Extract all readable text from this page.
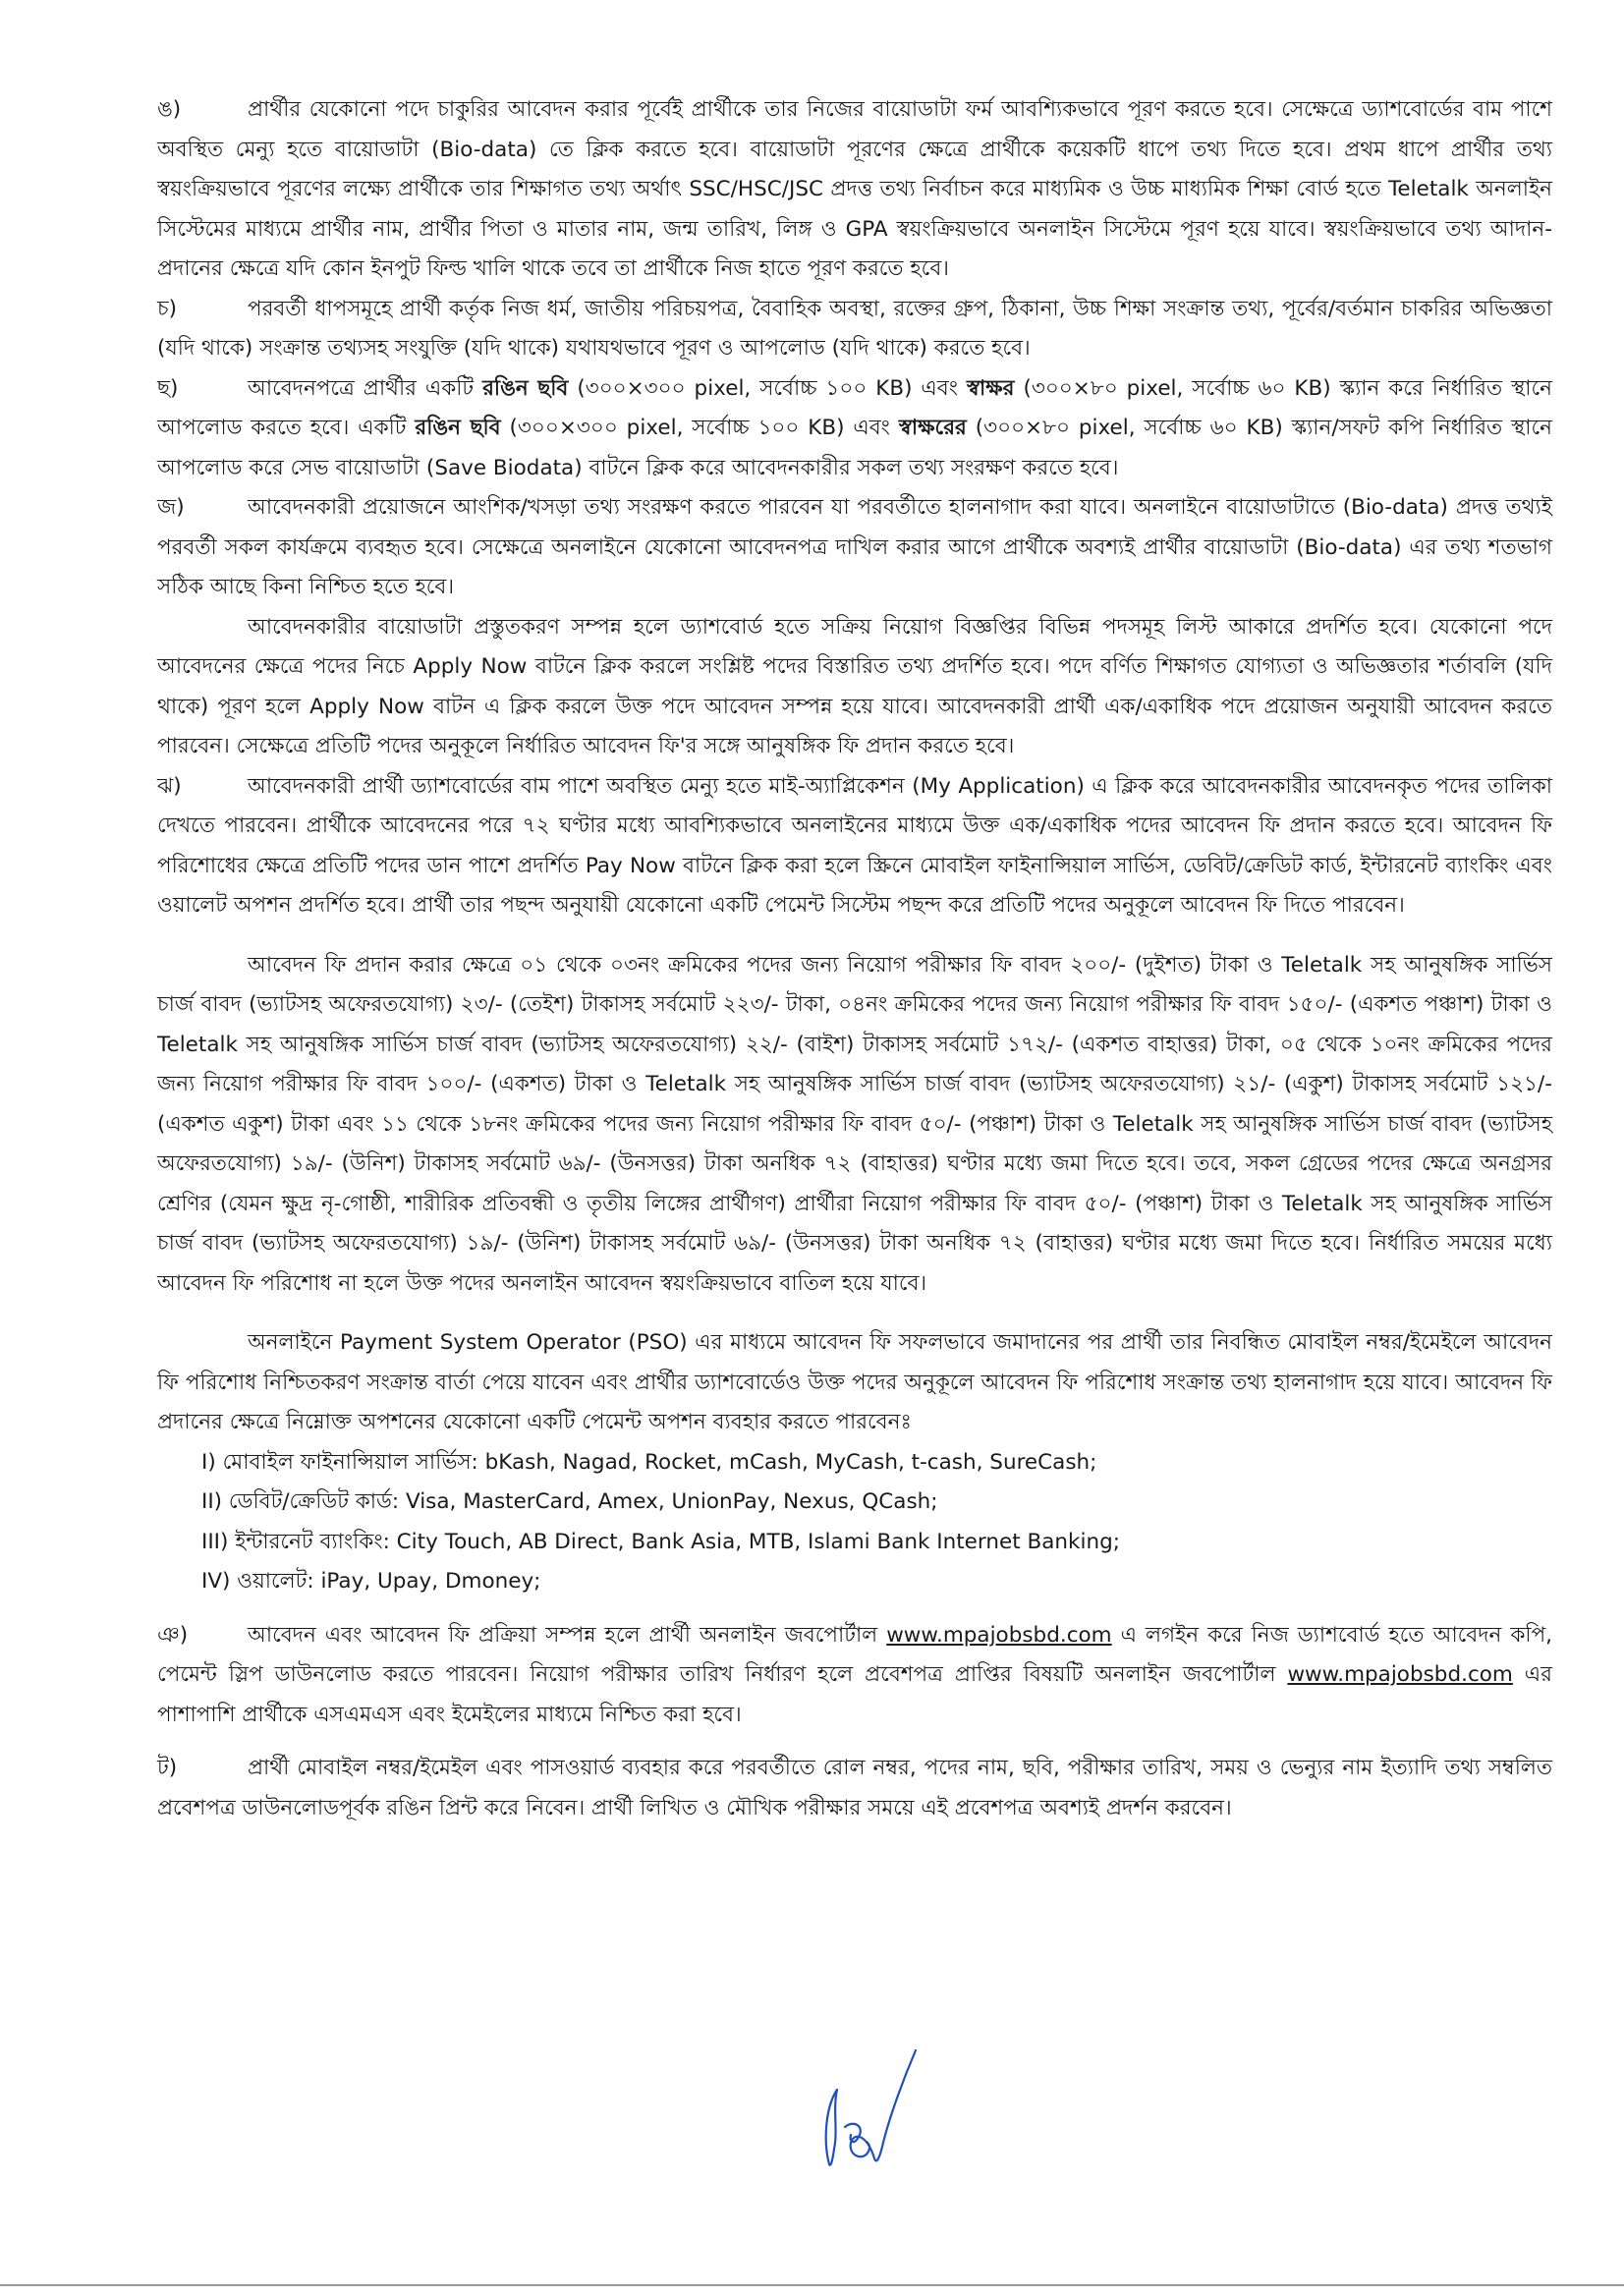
ঙ)	প্রার্থীর যেকোনো পদে চাকুরির আবেদন করার পূর্বেই প্রার্থীকে তার নিজের বায়োডাটা ফর্ম আবশ্যিকভাবে পূরণ করতে হবে। সেক্ষেত্রে ড্যাশবোর্ডের বাম পাশে অবস্থিত মেন্যু হতে বায়োডাটা (Bio-data) তে ক্লিক করতে হবে। বায়োডাটা পূরণের ক্ষেত্রে প্রার্থীকে কয়েকটি ধাপে তথ্য দিতে হবে। প্রথম ধাপে প্রার্থীর তথ্য স্বয়ংক্রিয়ভাবে পূরণের লক্ষ্যে প্রার্থীকে তার শিক্ষাগত তথ্য অর্থাৎ SSC/HSC/JSC প্রদত্ত তথ্য নির্বাচন করে মাধ্যমিক ও উচ্চ মাধ্যমিক শিক্ষা বোর্ড হতে Teletalk অনলাইন সিস্টেমের মাধ্যমে প্রার্থীর নাম, প্রার্থীর পিতা ও মাতার নাম, জন্ম তারিখ, লিঙ্গ ও GPA স্বয়ংক্রিয়ভাবে অনলাইন সিস্টেমে পূরণ হয়ে যাবে। স্বয়ংক্রিয়ভাবে তথ্য আদান-প্রদানের ক্ষেত্রে যদি কোন ইনপুট ফিল্ড খালি থাকে তবে তা প্রার্থীকে নিজ হাতে পূরণ করতে হবে।

চ)	পরবর্তী ধাপসমূহে প্রার্থী কর্তৃক নিজ ধর্ম, জাতীয় পরিচয়পত্র, বৈবাহিক অবস্থা, রক্তের গ্রুপ, ঠিকানা, উচ্চ শিক্ষা সংক্রান্ত তথ্য, পূর্বের/বর্তমান চাকরির অভিজ্ঞতা (যদি থাকে) সংক্রান্ত তথ্যসহ সংযুক্তি (যদি থাকে) যথাযথভাবে পূরণ ও আপলোড (যদি থাকে) করতে হবে।

ছ)	আবেদনপত্রে প্রার্থীর একটি রঙিন ছবি (৩০০×৩০০ pixel, সর্বোচ্চ ১০০ KB) এবং স্বাক্ষর (৩০০×৮০ pixel, সর্বোচ্চ ৬০ KB) স্ক্যান করে নির্ধারিত স্থানে আপলোড করতে হবে। একটি রঙিন ছবি (৩০০×৩০০ pixel, সর্বোচ্চ ১০০ KB) এবং স্বাক্ষরের (৩০০×৮০ pixel, সর্বোচ্চ ৬০ KB) স্ক্যান/সফট কপি নির্ধারিত স্থানে আপলোড করে সেভ বায়োডাটা (Save Biodata) বাটনে ক্লিক করে আবেদনকারীর সকল তথ্য সংরক্ষণ করতে হবে।

জ)	আবেদনকারী প্রয়োজনে আংশিক/খসড়া তথ্য সংরক্ষণ করতে পারবেন যা পরবর্তীতে হালনাগাদ করা যাবে। অনলাইনে বায়োডাটাতে (Bio-data) প্রদত্ত তথ্যই পরবর্তী সকল কার্যক্রমে ব্যবহৃত হবে। সেক্ষেত্রে অনলাইনে যেকোনো আবেদনপত্র দাখিল করার আগে প্রার্থীকে অবশ্যই প্রার্থীর বায়োডাটা (Bio-data) এর তথ্য শতভাগ সঠিক আছে কিনা নিশ্চিত হতে হবে।

আবেদনকারীর বায়োডাটা প্রস্তুতকরণ সম্পন্ন হলে ড্যাশবোর্ড হতে সক্রিয় নিয়োগ বিজ্ঞপ্তির বিভিন্ন পদসমূহ লিস্ট আকারে প্রদর্শিত হবে। যেকোনো পদে আবেদনের ক্ষেত্রে পদের নিচে Apply Now বাটনে ক্লিক করলে সংশ্লিষ্ট পদের বিস্তারিত তথ্য প্রদর্শিত হবে। পদে বর্ণিত শিক্ষাগত যোগ্যতা ও অভিজ্ঞতার শর্তাবলি (যদি থাকে) পূরণ হলে Apply Now বাটন এ ক্লিক করলে উক্ত পদে আবেদন সম্পন্ন হয়ে যাবে। আবেদনকারী প্রার্থী এক/একাধিক পদে প্রয়োজন অনুযায়ী আবেদন করতে পারবেন। সেক্ষেত্রে প্রতিটি পদের অনুকূলে নির্ধারিত আবেদন ফি'র সঙ্গে আনুষঙ্গিক ফি প্রদান করতে হবে।

ঝ)	আবেদনকারী প্রার্থী ড্যাশবোর্ডের বাম পাশে অবস্থিত মেন্যু হতে মাই-অ্যাপ্লিকেশন (My Application) এ ক্লিক করে আবেদনকারীর আবেদনকৃত পদের তালিকা দেখতে পারবেন। প্রার্থীকে আবেদনের পরে ৭২ ঘণ্টার মধ্যে আবশ্যিকভাবে অনলাইনের মাধ্যমে উক্ত এক/একাধিক পদের আবেদন ফি প্রদান করতে হবে। আবেদন ফি পরিশোধের ক্ষেত্রে প্রতিটি পদের ডান পাশে প্রদর্শিত Pay Now বাটনে ক্লিক করা হলে স্ক্রিনে মোবাইল ফাইনান্সিয়াল সার্ভিস, ডেবিট/ক্রেডিট কার্ড, ইন্টারনেট ব্যাংকিং এবং ওয়ালেট অপশন প্রদর্শিত হবে। প্রার্থী তার পছন্দ অনুযায়ী যেকোনো একটি পেমেন্ট সিস্টেম পছন্দ করে প্রতিটি পদের অনুকূলে আবেদন ফি দিতে পারবেন।

আবেদন ফি প্রদান করার ক্ষেত্রে ০১ থেকে ০৩নং ক্রমিকের পদের জন্য নিয়োগ পরীক্ষার ফি বাবদ ২০০/- (দুইশত) টাকা ও Teletalk সহ আনুষঙ্গিক সার্ভিস চার্জ বাবদ (ভ্যাটসহ অফেরতযোগ্য) ২৩/- (তেইশ) টাকাসহ সর্বমোট ২২৩/- টাকা, ০৪নং ক্রমিকের পদের জন্য নিয়োগ পরীক্ষার ফি বাবদ ১৫০/- (একশত পঞ্চাশ) টাকা ও Teletalk সহ আনুষঙ্গিক সার্ভিস চার্জ বাবদ (ভ্যাটসহ অফেরতযোগ্য) ২২/- (বাইশ) টাকাসহ সর্বমোট ১৭২/- (একশত বাহাত্তর) টাকা, ০৫ থেকে ১০নং ক্রমিকের পদের জন্য নিয়োগ পরীক্ষার ফি বাবদ ১০০/- (একশত) টাকা ও Teletalk সহ আনুষঙ্গিক সার্ভিস চার্জ বাবদ (ভ্যাটসহ অফেরতযোগ্য) ২১/- (একুশ) টাকাসহ সর্বমোট ১২১/- (একশত একুশ) টাকা এবং ১১ থেকে ১৮নং ক্রমিকের পদের জন্য নিয়োগ পরীক্ষার ফি বাবদ ৫০/- (পঞ্চাশ) টাকা ও Teletalk সহ আনুষঙ্গিক সার্ভিস চার্জ বাবদ (ভ্যাটসহ অফেরতযোগ্য) ১৯/- (উনিশ) টাকাসহ সর্বমোট ৬৯/- (উনসত্তর) টাকা অনধিক ৭২ (বাহাত্তর) ঘণ্টার মধ্যে জমা দিতে হবে। তবে, সকল গ্রেডের পদের ক্ষেত্রে অনগ্রসর শ্রেণির (যেমন ক্ষুদ্র নৃ-গোষ্ঠী, শারীরিক প্রতিবন্ধী ও তৃতীয় লিঙ্গের প্রার্থীগণ) প্রার্থীরা নিয়োগ পরীক্ষার ফি বাবদ ৫০/- (পঞ্চাশ) টাকা ও Teletalk সহ আনুষঙ্গিক সার্ভিস চার্জ বাবদ (ভ্যাটসহ অফেরতযোগ্য) ১৯/- (উনিশ) টাকাসহ সর্বমোট ৬৯/- (উনসত্তর) টাকা অনধিক ৭২ (বাহাত্তর) ঘণ্টার মধ্যে জমা দিতে হবে। নির্ধারিত সময়ের মধ্যে আবেদন ফি পরিশোধ না হলে উক্ত পদের অনলাইন আবেদন স্বয়ংক্রিয়ভাবে বাতিল হয়ে যাবে।

অনলাইনে Payment System Operator (PSO) এর মাধ্যমে আবেদন ফি সফলভাবে জমাদানের পর প্রার্থী তার নিবন্ধিত মোবাইল নম্বর/ইমেইলে আবেদন ফি পরিশোধ নিশ্চিতকরণ সংক্রান্ত বার্তা পেয়ে যাবেন এবং প্রার্থীর ড্যাশবোর্ডেও উক্ত পদের অনুকূলে আবেদন ফি পরিশোধ সংক্রান্ত তথ্য হালনাগাদ হয়ে যাবে। আবেদন ফি প্রদানের ক্ষেত্রে নিম্নোক্ত অপশনের যেকোনো একটি পেমেন্ট অপশন ব্যবহার করতে পারবেনঃ

I) মোবাইল ফাইনান্সিয়াল সার্ভিস: bKash, Nagad, Rocket, mCash, MyCash, t-cash, SureCash;
II) ডেবিট/ক্রেডিট কার্ড: Visa, MasterCard, Amex, UnionPay, Nexus, QCash;
III) ইন্টারনেট ব্যাংকিং: City Touch, AB Direct, Bank Asia, MTB, Islami Bank Internet Banking;
IV) ওয়ালেট: iPay, Upay, Dmoney;

ঞ)	আবেদন এবং আবেদন ফি প্রক্রিয়া সম্পন্ন হলে প্রার্থী অনলাইন জবপোর্টাল www.mpajobsbd.com এ লগইন করে নিজ ড্যাশবোর্ড হতে আবেদন কপি, পেমেন্ট স্লিপ ডাউনলোড করতে পারবেন। নিয়োগ পরীক্ষার তারিখ নির্ধারণ হলে প্রবেশপত্র প্রাপ্তির বিষয়টি অনলাইন জবপোর্টাল www.mpajobsbd.com এর পাশাপাশি প্রার্থীকে এসএমএস এবং ইমেইলের মাধ্যমে নিশ্চিত করা হবে।

ট)	প্রার্থী মোবাইল নম্বর/ইমেইল এবং পাসওয়ার্ড ব্যবহার করে পরবর্তীতে রোল নম্বর, পদের নাম, ছবি, পরীক্ষার তারিখ, সময় ও ভেন্যুর নাম ইত্যাদি তথ্য সম্বলিত প্রবেশপত্র ডাউনলোডপূর্বক রঙিন প্রিন্ট করে নিবেন। প্রার্থী লিখিত ও মৌখিক পরীক্ষার সময়ে এই প্রবেশপত্র অবশ্যই প্রদর্শন করবেন।
